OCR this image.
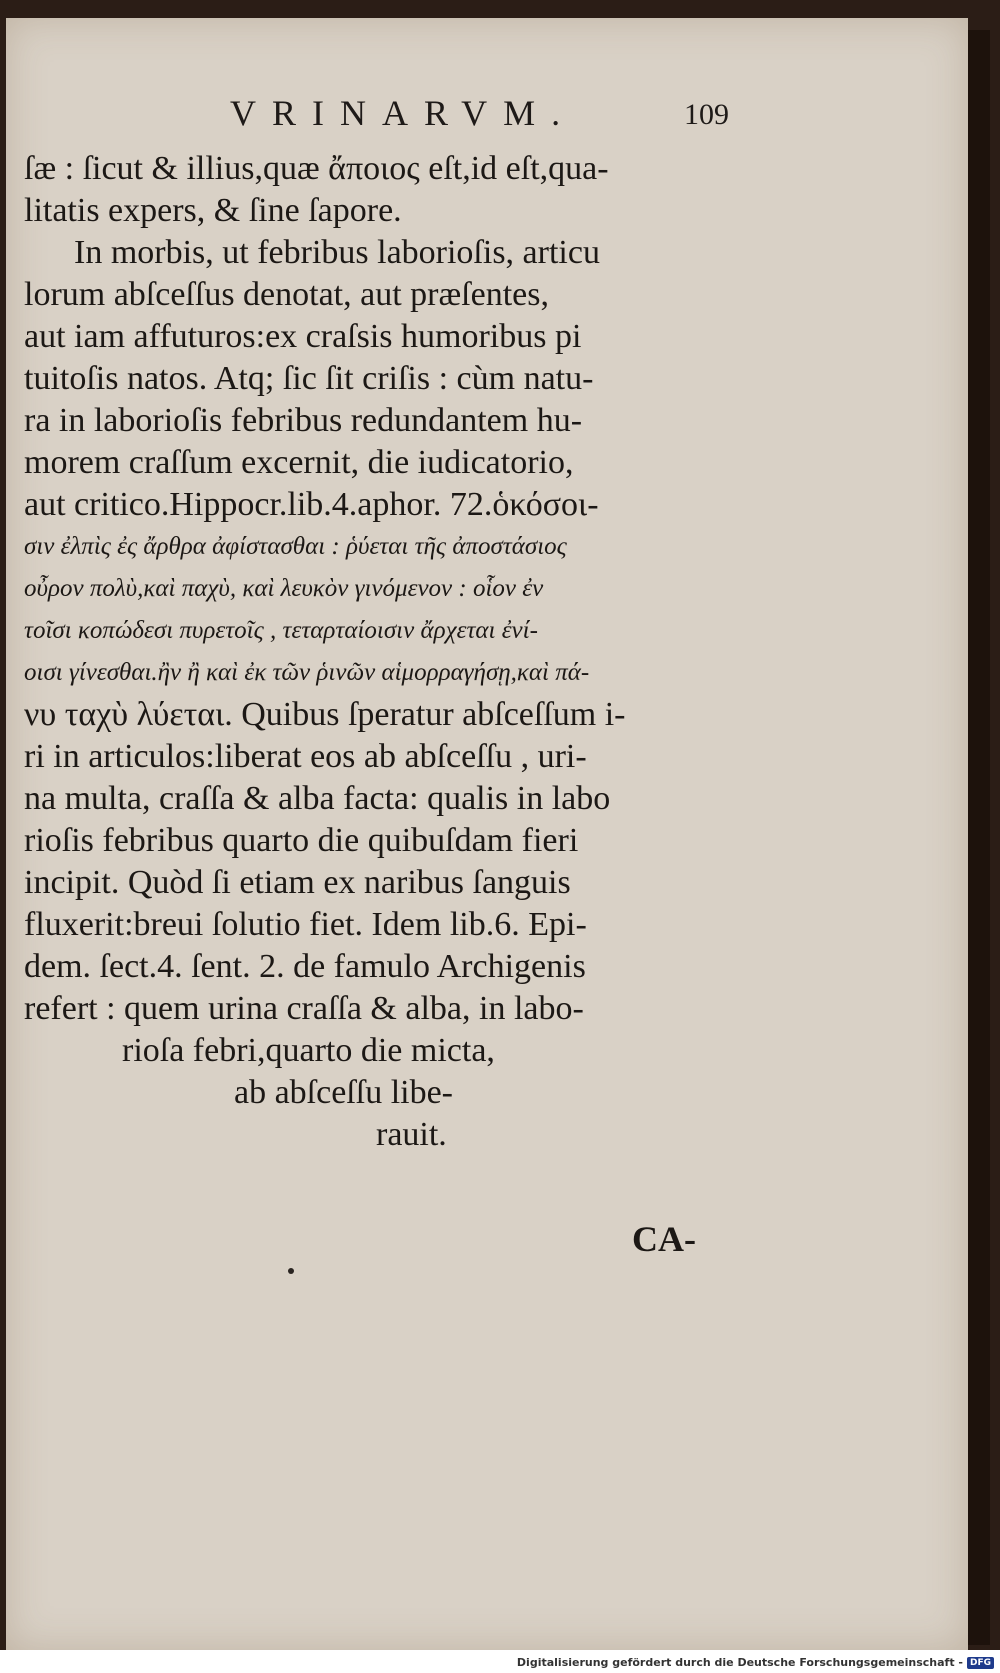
VRINARVM.	109
ſæ : ſicut & illius,quæ ἄποιος eſt,id eſt,qua-
litatis expers, & ſine ſapore.
In morbis, ut febribus laborioſis, articu
lorum abſceſſus denotat, aut præſentes,
aut iam affuturos:ex craſsis humoribus pi
tuitoſis natos. Atq; ſic ſit criſis : cùm natu-
ra in laborioſis febribus redundantem hu-
morem craſſum excernit, die iudicatorio,
aut critico.Hippocr.lib.4.aphor. 72.ὁκόσοι-
σιν ἐλπὶς ἐς ἄρθρα ἀφίστασθαι : ῥύεται τῆς ἀποστάσιος
οὖρον πολὺ,καὶ παχὺ, καὶ λευκὸν γινόμενον : οἷον ἐν
τοῖσι κοπώδεσι πυρετοῖς , τεταρταίοισιν ἄρχεται ἐνί-
οισι γίνεσθαι.ἢν ἢ καὶ ἐκ τῶν ῥινῶν αἱμορραγήσῃ,καὶ πά-
νυ ταχὺ λύεται. Quibus ſperatur abſceſſum i-
ri in articulos:liberat eos ab abſceſſu , uri-
na multa, craſſa & alba facta: qualis in labo
rioſis febribus quarto die quibuſdam fieri
incipit. Quòd ſi etiam ex naribus ſanguis
fluxerit:breui ſolutio fiet. Idem lib.6. Epi-
dem. ſect.4. ſent. 2. de famulo Archigenis
refert : quem urina craſſa & alba, in labo-
rioſa febri,quarto die micta,
ab abſceſſu libe-
rauit.
CA-
Digitalisierung gefördert durch die Deutsche Forschungsgemeinschaft - DFG
